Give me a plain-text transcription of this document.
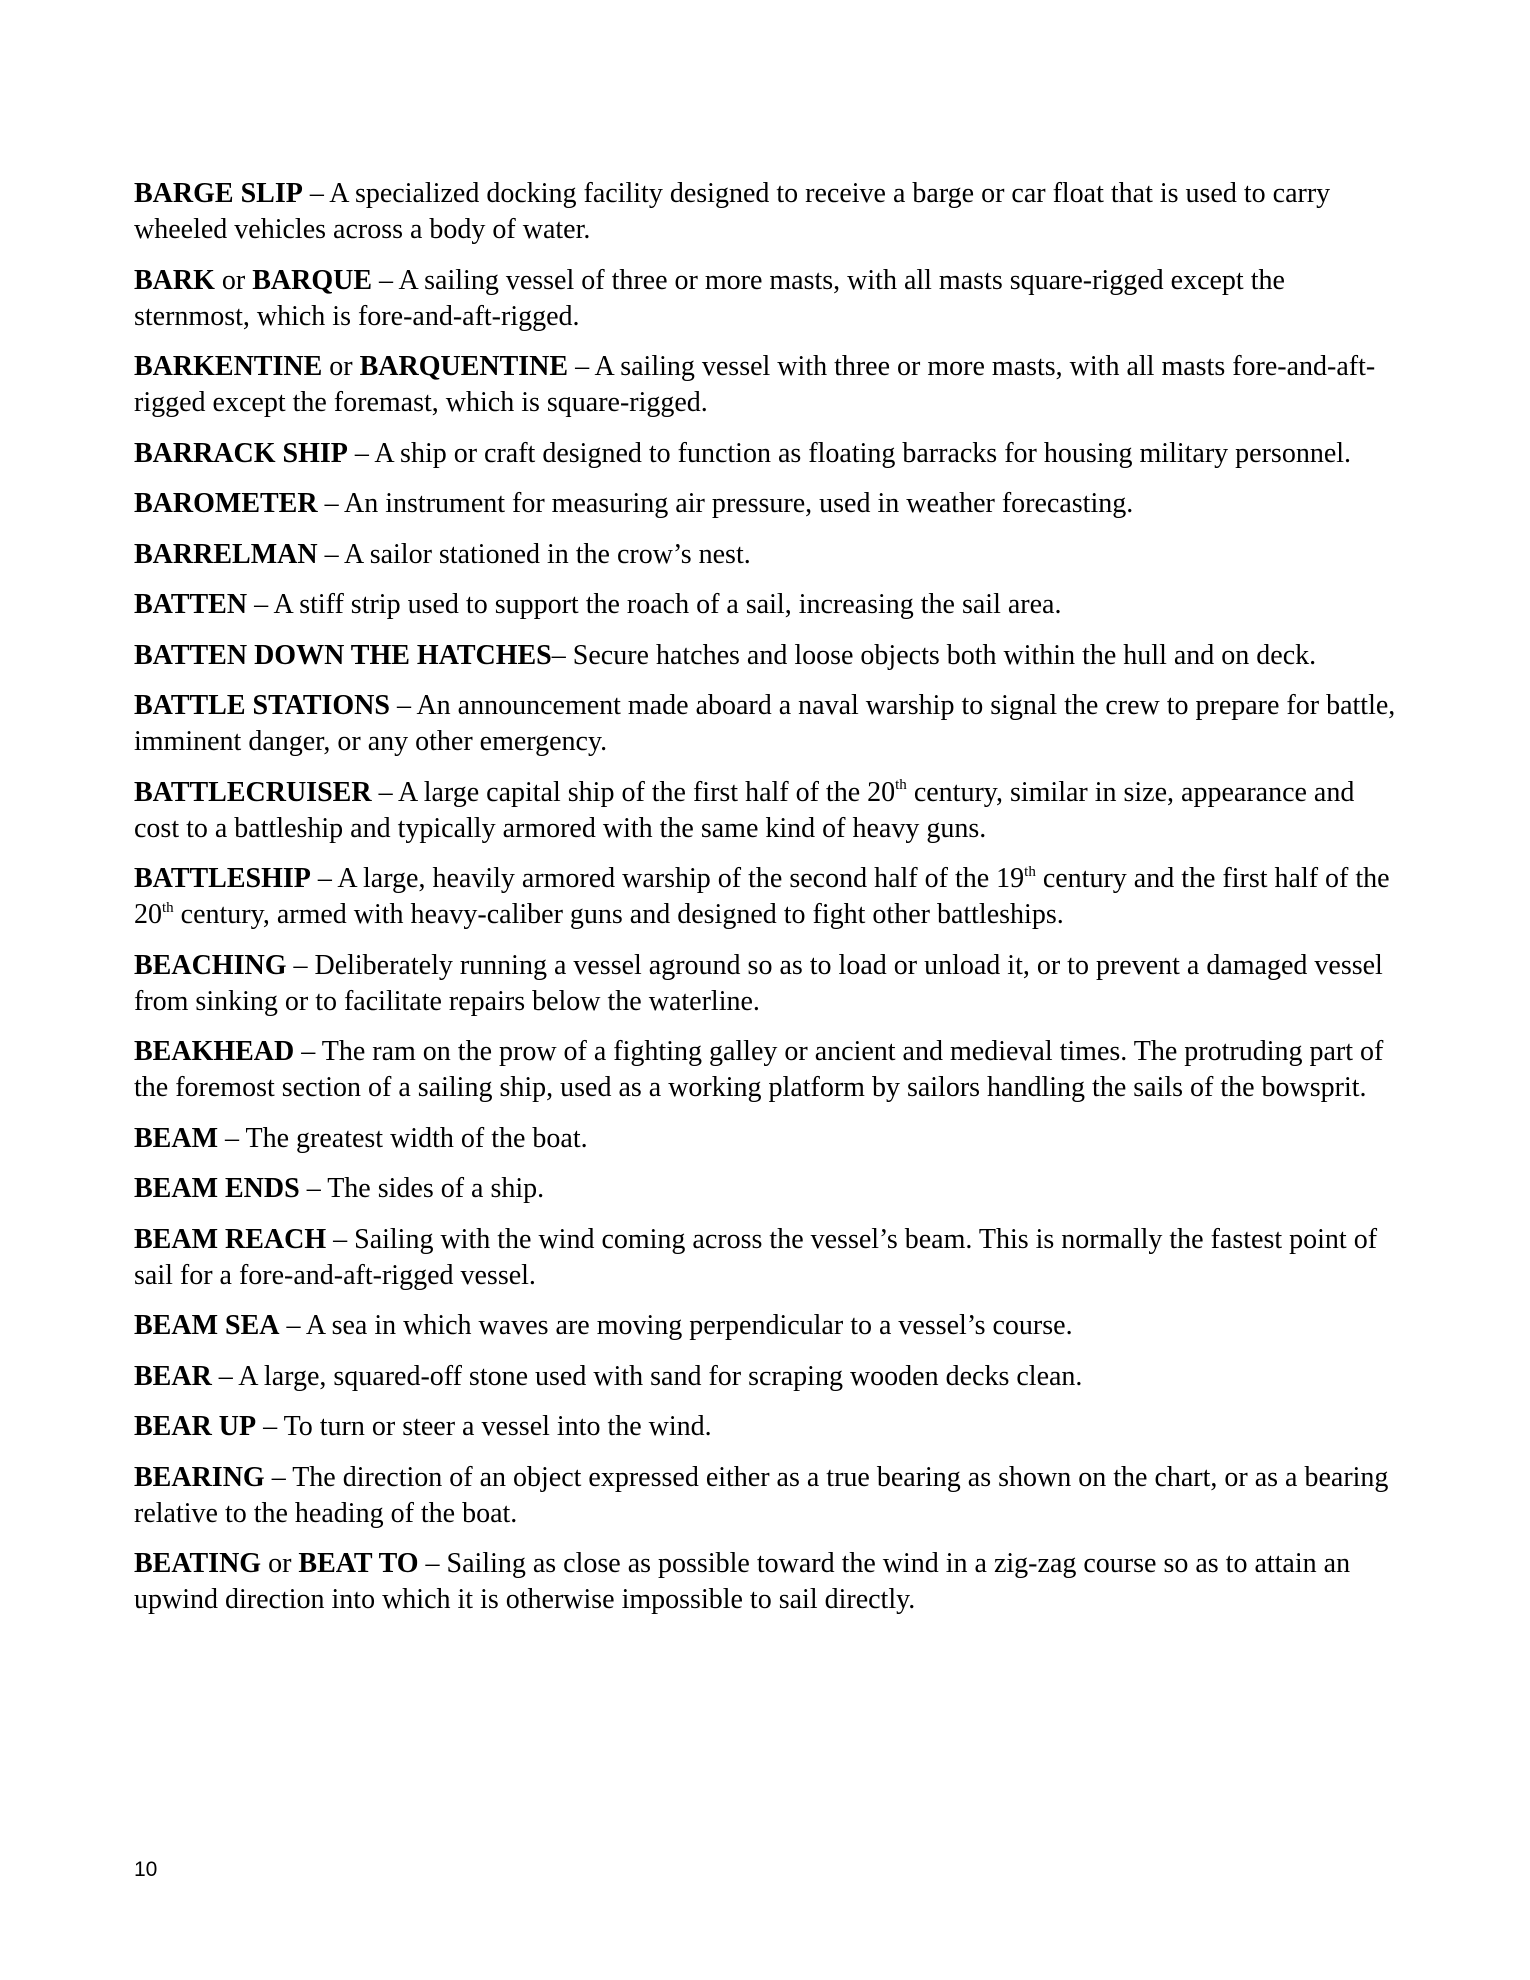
BARGE SLIP – A specialized docking facility designed to receive a barge or car float that is used to carry wheeled vehicles across a body of water.

BARK or BARQUE – A sailing vessel of three or more masts, with all masts square-rigged except the sternmost, which is fore-and-aft-rigged.

BARKENTINE or BARQUENTINE – A sailing vessel with three or more masts, with all masts fore-and-aft-rigged except the foremast, which is square-rigged.

BARRACK SHIP – A ship or craft designed to function as floating barracks for housing military personnel.

BAROMETER – An instrument for measuring air pressure, used in weather forecasting.

BARRELMAN – A sailor stationed in the crow’s nest.

BATTEN – A stiff strip used to support the roach of a sail, increasing the sail area.

BATTEN DOWN THE HATCHES– Secure hatches and loose objects both within the hull and on deck.

BATTLE STATIONS – An announcement made aboard a naval warship to signal the crew to prepare for battle, imminent danger, or any other emergency.

BATTLECRUISER – A large capital ship of the first half of the 20th century, similar in size, appearance and cost to a battleship and typically armored with the same kind of heavy guns.

BATTLESHIP – A large, heavily armored warship of the second half of the 19th century and the first half of the 20th century, armed with heavy-caliber guns and designed to fight other battleships.

BEACHING – Deliberately running a vessel aground so as to load or unload it, or to prevent a damaged vessel from sinking or to facilitate repairs below the waterline.

BEAKHEAD – The ram on the prow of a fighting galley or ancient and medieval times. The protruding part of the foremost section of a sailing ship, used as a working platform by sailors handling the sails of the bowsprit.

BEAM – The greatest width of the boat.

BEAM ENDS – The sides of a ship.

BEAM REACH – Sailing with the wind coming across the vessel’s beam. This is normally the fastest point of sail for a fore-and-aft-rigged vessel.

BEAM SEA – A sea in which waves are moving perpendicular to a vessel’s course.

BEAR – A large, squared-off stone used with sand for scraping wooden decks clean.

BEAR UP – To turn or steer a vessel into the wind.

BEARING – The direction of an object expressed either as a true bearing as shown on the chart, or as a bearing relative to the heading of the boat.

BEATING or BEAT TO – Sailing as close as possible toward the wind in a zig-zag course so as to attain an upwind direction into which it is otherwise impossible to sail directly.

10
